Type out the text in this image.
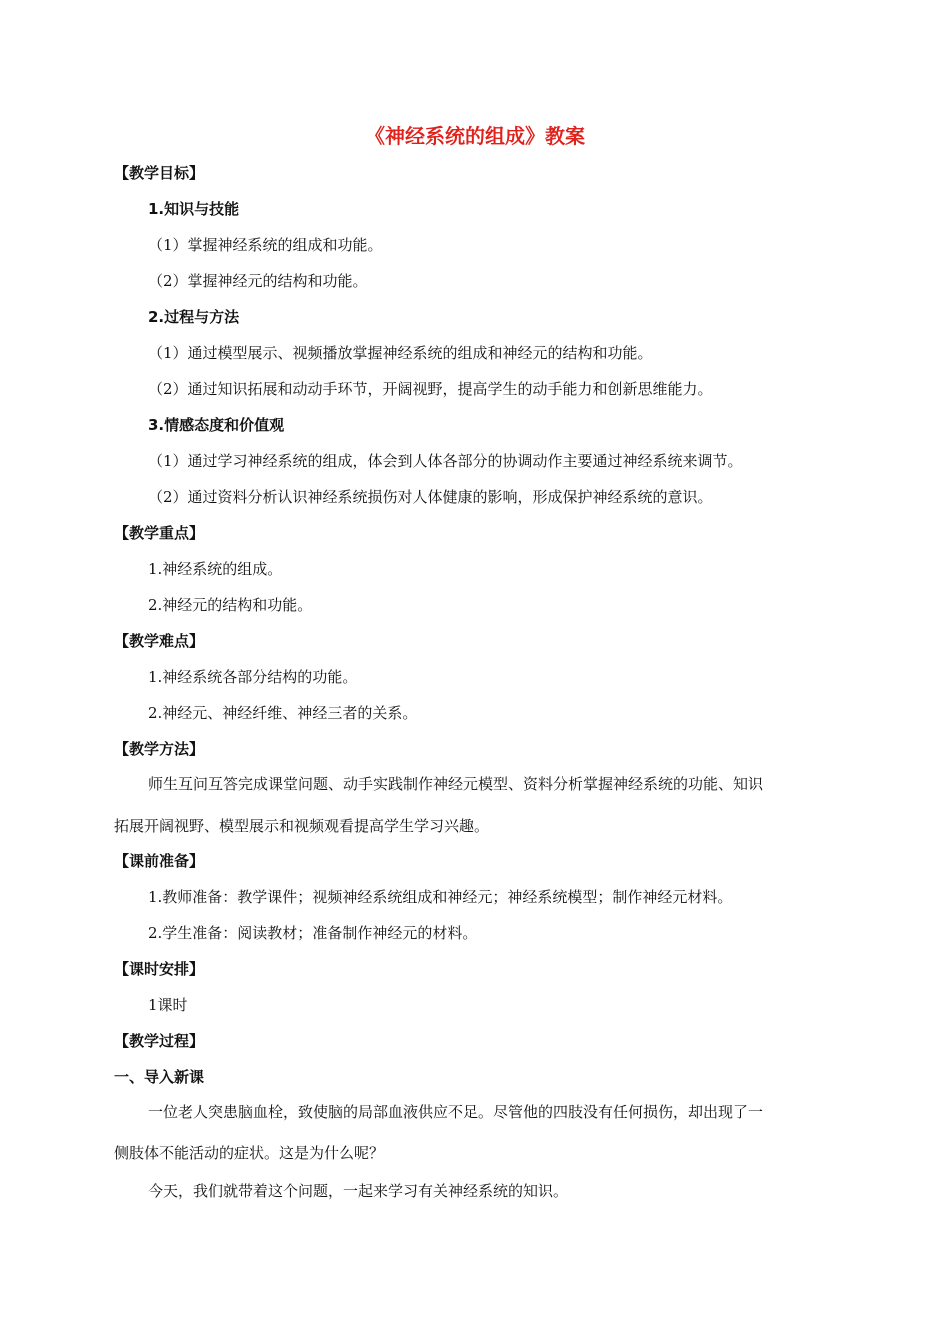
《神经系统的组成》教案
【教学目标】
1.知识与技能
（1）掌握神经系统的组成和功能。
（2）掌握神经元的结构和功能。
2.过程与方法
（1）通过模型展示、视频播放掌握神经系统的组成和神经元的结构和功能。
（2）通过知识拓展和动动手环节，开阔视野，提高学生的动手能力和创新思维能力。
3.情感态度和价值观
（1）通过学习神经系统的组成，体会到人体各部分的协调动作主要通过神经系统来调节。
（2）通过资料分析认识神经系统损伤对人体健康的影响，形成保护神经系统的意识。
【教学重点】
1.神经系统的组成。
2.神经元的结构和功能。
【教学难点】
1.神经系统各部分结构的功能。
2.神经元、神经纤维、神经三者的关系。
【教学方法】
师生互问互答完成课堂问题、动手实践制作神经元模型、资料分析掌握神经系统的功能、知识
拓展开阔视野、模型展示和视频观看提高学生学习兴趣。
【课前准备】
1.教师准备：教学课件；视频神经系统组成和神经元；神经系统模型；制作神经元材料。
2.学生准备：阅读教材；准备制作神经元的材料。
【课时安排】
1课时
【教学过程】
一、导入新课
一位老人突患脑血栓，致使脑的局部血液供应不足。尽管他的四肢没有任何损伤，却出现了一
侧肢体不能活动的症状。这是为什么呢？
今天，我们就带着这个问题，一起来学习有关神经系统的知识。
